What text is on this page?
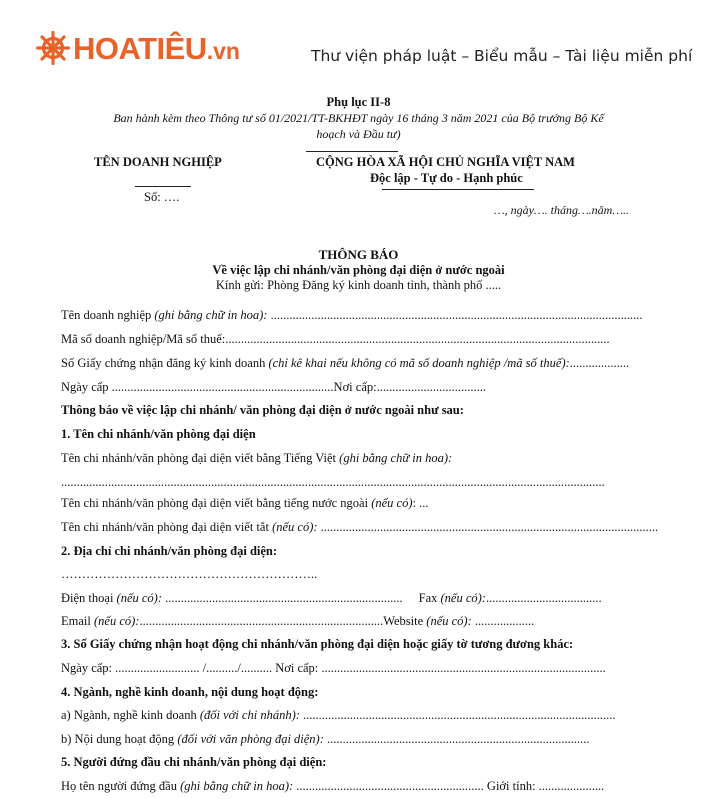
HOATIÊU.vn	Thư viện pháp luật – Biểu mẫu – Tài liệu miễn phí
Phụ lục II-8
Ban hành kèm theo Thông tư số 01/2021/TT-BKHĐT ngày 16 tháng 3 năm 2021 của Bộ trưởng Bộ Kế
hoạch và Đầu tư)
TÊN DOANH NGHIỆP	CỘNG HÒA XÃ HỘI CHỦ NGHĨA VIỆT NAM
Độc lập - Tự do - Hạnh phúc
Số: ….
…, ngày…. tháng….năm…..
THÔNG BÁO
Về việc lập chi nhánh/văn phòng đại diện ở nước ngoài
Kính gửi: Phòng Đăng ký kinh doanh tỉnh, thành phố .....
Tên doanh nghiệp (ghi bằng chữ in hoa): .......................................................................................................................
Mã số doanh nghiệp/Mã số thuế:...........................................................................................................................
Số Giấy chứng nhận đăng ký kinh doanh (chỉ kê khai nếu không có mã số doanh nghiệp /mã số thuế):...................
Ngày cấp .......................................................................Nơi cấp:...................................
Thông báo về việc lập chi nhánh/ văn phòng đại diện ở nước ngoài như sau:
1. Tên chi nhánh/văn phòng đại diện
Tên chi nhánh/văn phòng đại diện viết bằng Tiếng Việt (ghi bằng chữ in hoa):
..............................................................................................................................................................................
Tên chi nhánh/văn phòng đại diện viết bằng tiếng nước ngoài (nếu có): ...
Tên chi nhánh/văn phòng đại diện viết tắt (nếu có): ............................................................................................................
2. Địa chỉ chi nhánh/văn phòng đại diện:
……………………………………………………..
Điện thoại (nếu có): ............................................................................ Fax (nếu có):.....................................
Email (nếu có):..............................................................................Website (nếu có): ...................
3. Số Giấy chứng nhận hoạt động chi nhánh/văn phòng đại diện hoặc giấy tờ tương đương khác:
Ngày cấp: ........................... /........../.......... Nơi cấp: ...........................................................................................
4. Ngành, nghề kinh doanh, nội dung hoạt động:
a) Ngành, nghề kinh doanh (đối với chi nhánh): ....................................................................................................
b) Nội dung hoạt động (đối với văn phòng đại diện): ....................................................................................
5. Người đứng đầu chi nhánh/văn phòng đại diện:
Họ tên người đứng đầu (ghi bằng chữ in hoa): ............................................................ Giới tính: .....................
